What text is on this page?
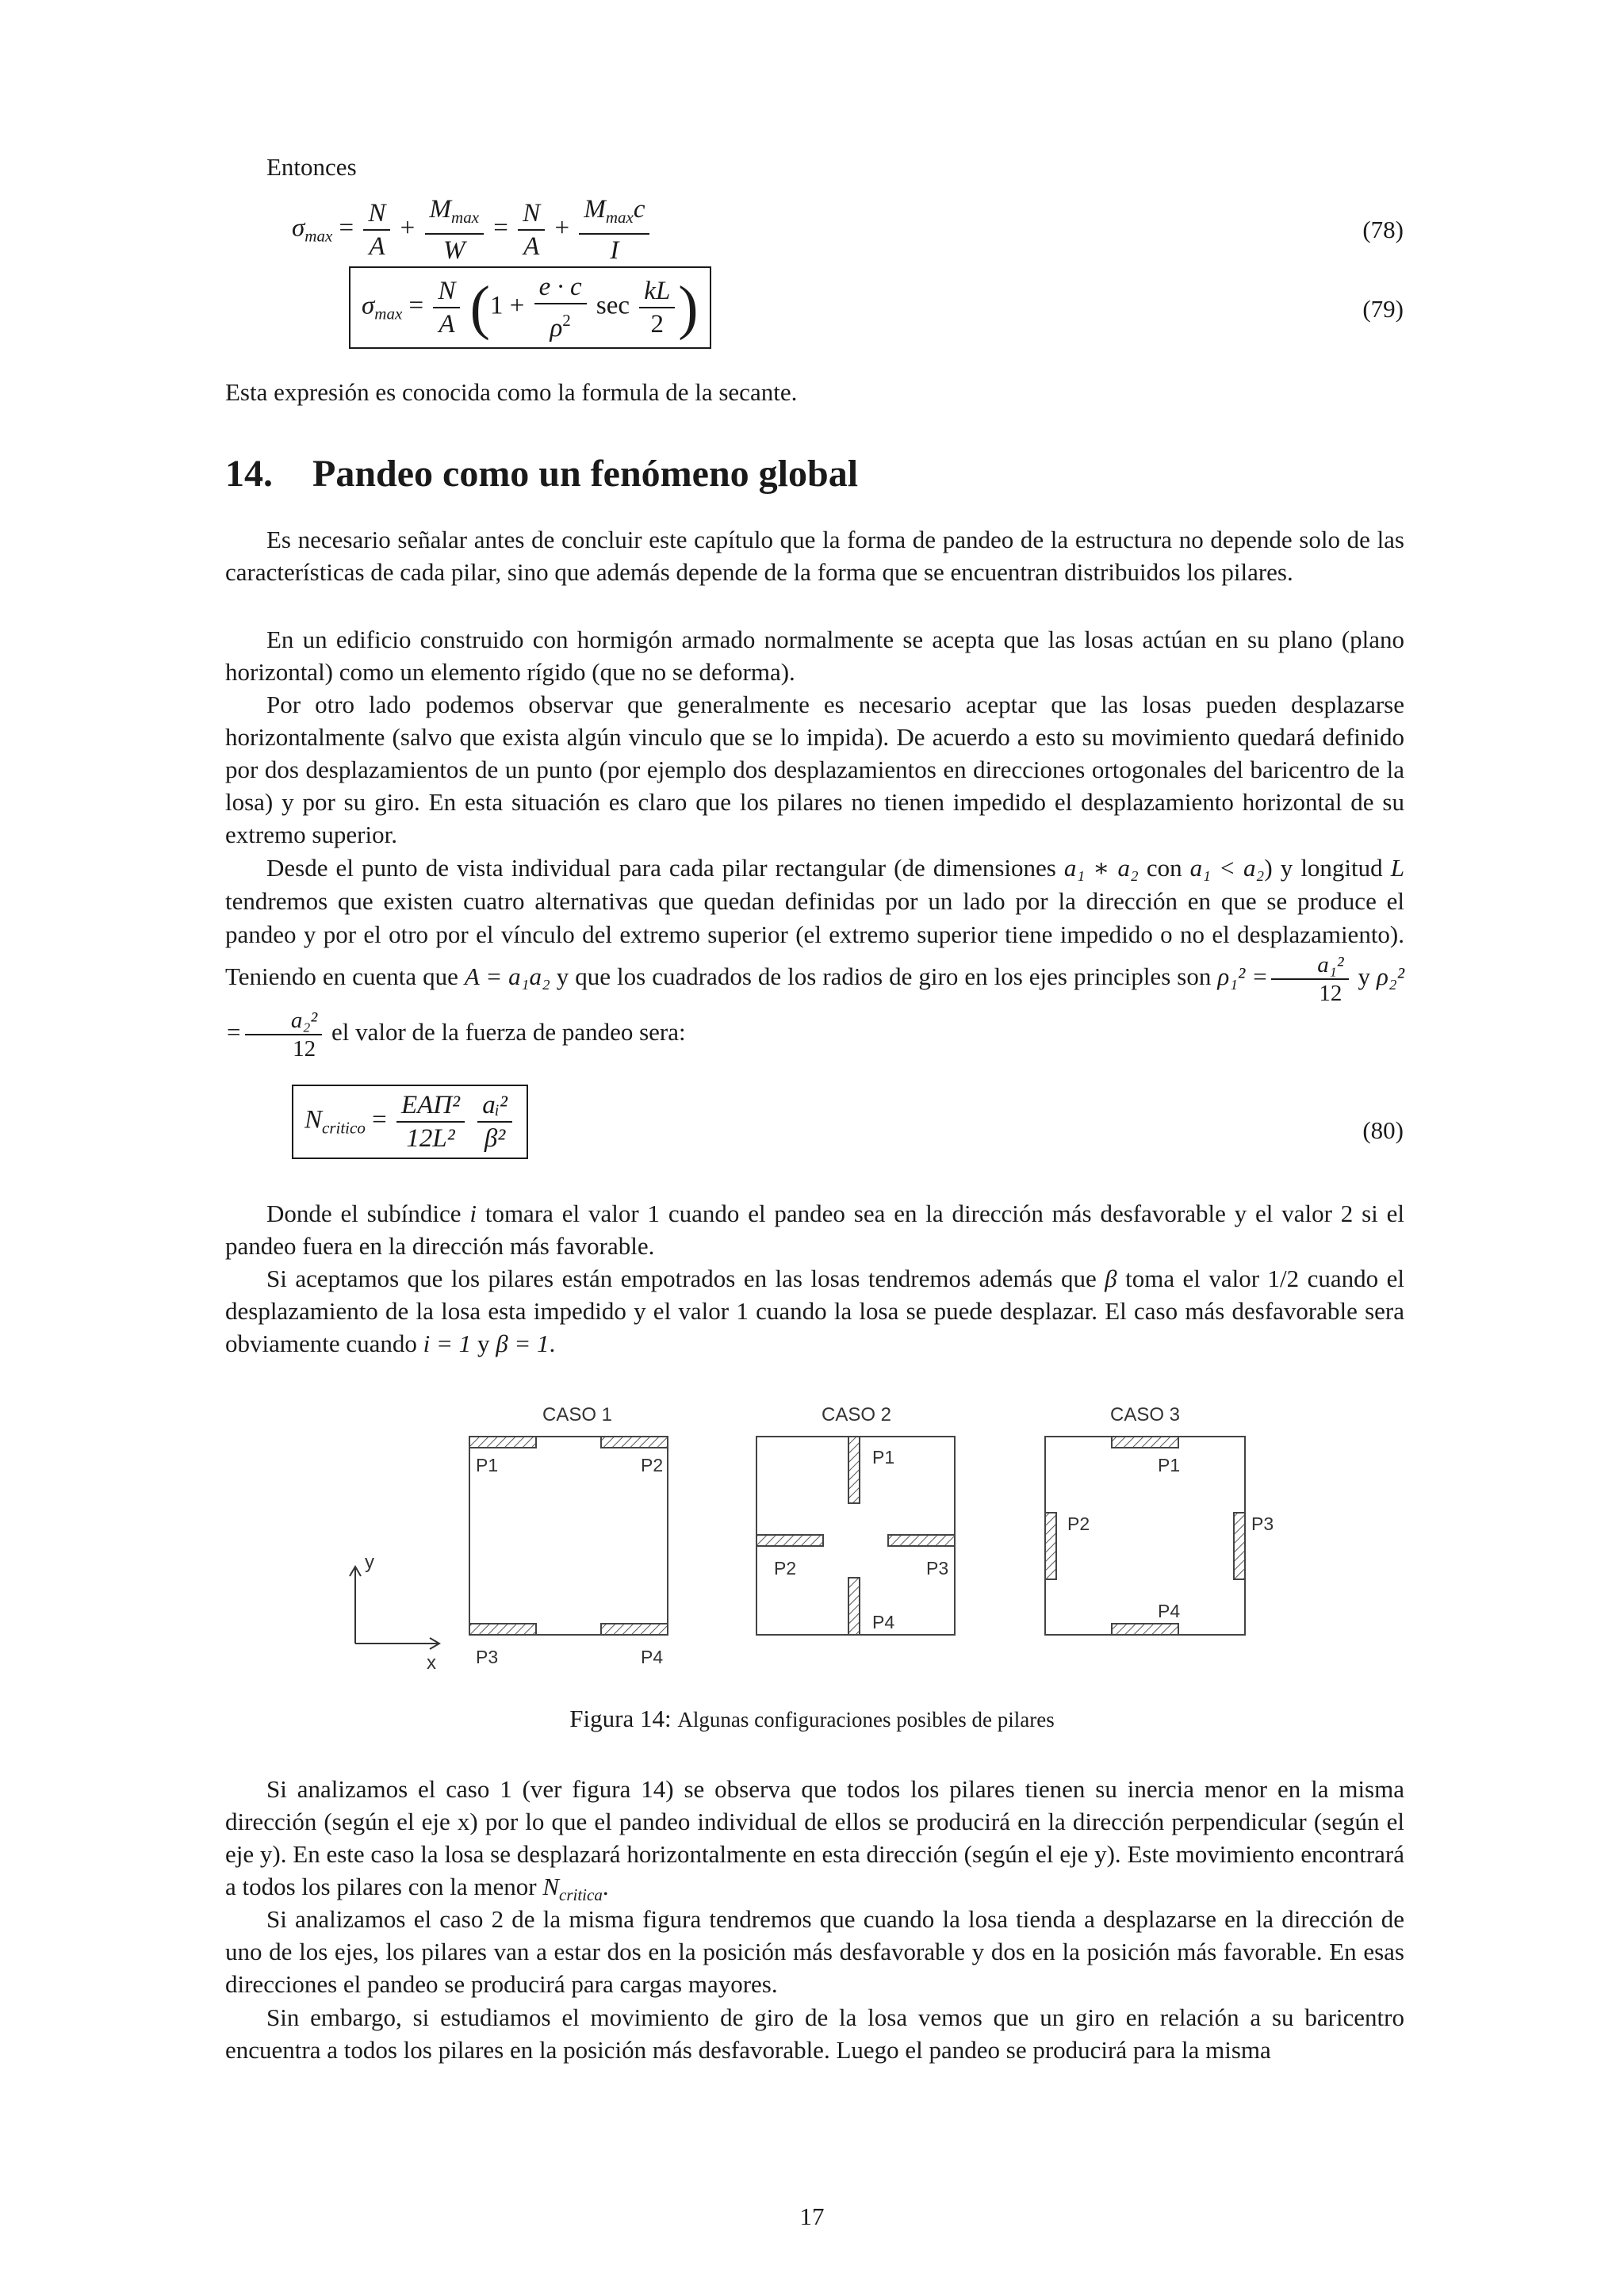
Entonces

$\sigma_{max} = \frac{N}{A} + \frac{M_{max}}{W} = \frac{N}{A} + \frac{M_{max}c}{I}$	(78)
$\sigma_{max} = \frac{N}{A} (1 + \frac{e \cdot c}{\rho^2}$ $\sec \frac{kL}{2}$ )	(79)

Esta expresión es conocida como la formula de la secante.

14. Pandeo como un fenómeno global

Es necesario señalar antes de concluir este capítulo que la forma de pandeo de la estructura no depende solo de las características de cada pilar, sino que además depende de la forma que se encuentran distribuidos los pilares.

En un edificio construido con hormigón armado normalmente se acepta que las losas actúan en su plano (plano horizontal) como un elemento rígido (que no se deforma).

Por otro lado podemos observar que generalmente es necesario aceptar que las losas pueden desplazarse horizontalmente (salvo que exista algún vinculo que se lo impida). De acuerdo a esto su movimiento quedará definido por dos desplazamientos de un punto (por ejemplo dos desplazamientos en direcciones ortogonales del baricentro de la losa) y por su giro. En esta situación es claro que los pilares no tienen impedido el desplazamiento horizontal de su extremo superior.

Desde el punto de vista individual para cada pilar rectangular (de dimensiones a₁ ∗ a₂ con a₁ < a₂) y longitud L tendremos que existen cuatro alternativas que quedan definidas por un lado por la dirección en que se produce el pandeo y por el otro por el vínculo del extremo superior (el extremo superior tiene impedido o no el desplazamiento). Teniendo en cuenta que A = a₁a₂ y que los cuadrados de los radios de giro en los ejes principles son $\rho_1^2 = \frac{\text{a₁²}}{12}$ y $\rho_2^2 = \frac{\text{a₂²}}{12}$ el valor de la fuerza de pandeo sera:

$N_{critico} = \frac{\text{EAΠ²}}{\text{12L²}}$
$\frac{\text{aᵢ²}}{\text{β²}}$	(80)

Donde el subíndice i tomara el valor 1 cuando el pandeo sea en la dirección más desfavorable y el valor 2 si el pandeo fuera en la dirección más favorable.

Si aceptamos que los pilares están empotrados en las losas tendremos además que β toma el valor 1/2 cuando el desplazamiento de la losa esta impedido y el valor 1 cuando la losa se puede desplazar. El caso más desfavorable sera obviamente cuando i = 1 y β = 1.

y
x
CASO 1
P1	P2
P3	P4
CASO 2
P1
P2	P3
P4
CASO 3
P1
P2	P3
P4

Figura 14: Algunas configuraciones posibles de pilares

Si analizamos el caso 1 (ver figura 14) se observa que todos los pilares tienen su inercia menor en la misma dirección (según el eje x) por lo que el pandeo individual de ellos se producirá en la dirección perpendicular (según el eje y). En este caso la losa se desplazará horizontalmente en esta dirección (según el eje y). Este movimiento encontrará a todos los pilares con la menor $N_{critica}$.

Si analizamos el caso 2 de la misma figura tendremos que cuando la losa tienda a desplazarse en la dirección de uno de los ejes, los pilares van a estar dos en la posición más desfavorable y dos en la posición más favorable. En esas direcciones el pandeo se producirá para cargas mayores.

Sin embargo, si estudiamos el movimiento de giro de la losa vemos que un giro en relación a su baricentro encuentra a todos los pilares en la posición más desfavorable. Luego el pandeo se producirá para la misma

17
